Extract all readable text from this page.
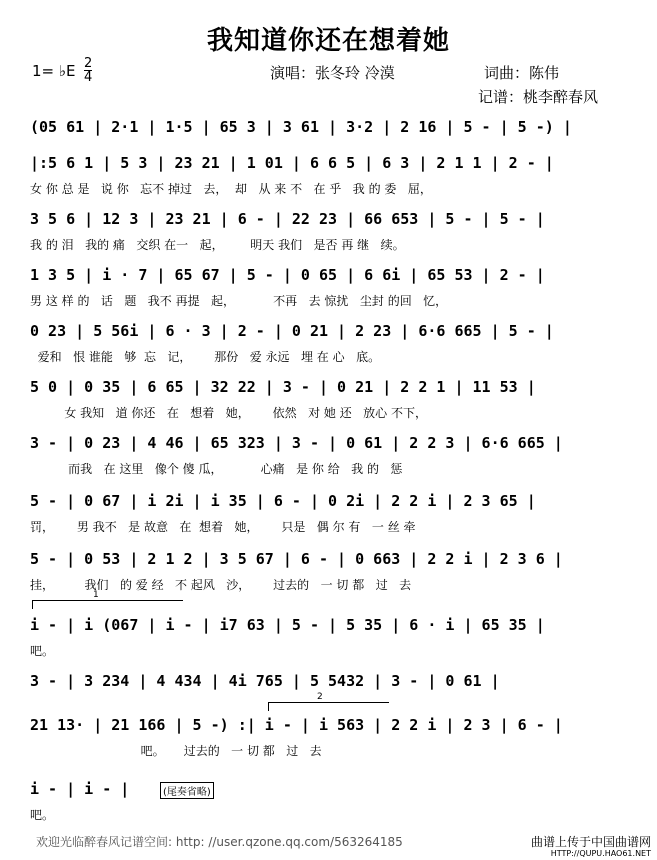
我知道你还在想着她
1= ♭E 2
4	演唱：张冬玲 冷漠	词曲：陈伟
记谱：桃李醉春风
(05 61 | 2·1 | 1·5 | 65 3 | 3 61 | 3·2 | 2 16 | 5 - | 5 -) |
|:5 6 1 | 5 3 | 23 21 | 1 01 | 6 6 5 | 6 3 | 2 1 1 | 2 - |
女 你 总 是   说 你   忘不 掉过   去，  却   从 来 不   在 乎   我 的 委   屈，
3 5 6 | 12 3 | 23 21 | 6 - | 22 23 | 66 653 | 5 - | 5 - |
我 的 泪   我的 痛   交织 在一   起，       明天 我们   是否 再 继   续。
1 3 5 | i · 7 | 65 67 | 5 - | 0 65 | 6 6i | 65 53 | 2 - |
男 这 样 的   话   题   我不 再提   起，          不再   去 惊扰   尘封 的回   忆，
0 23 | 5 56i | 6 · 3 | 2 - | 0 21 | 2 23 | 6·6 665 | 5 - |
爱和   恨 谁能   够  忘   记，      那份   爱 永远   埋 在 心   底。
5 0 | 0 35 | 6 65 | 32 22 | 3 - | 0 21 | 2 2 1 | 11 53 |
女 我知   道 你还   在   想着   她，      依然   对 她 还   放心 不下，
3 - | 0 23 | 4 46 | 65 323 | 3 - | 0 61 | 2 2 3 | 6·6 665 |
而我   在 这里   像个 傻 瓜，          心痛   是 你 给   我 的   惩
5 - | 0 67 | i 2i | i 35 | 6 - | 0 2i | 2 2 i | 2 3 65 |
罚，      男 我不   是 故意   在  想着   她，      只是   偶 尔 有   一 丝 牵
5 - | 0 53 | 2 1 2 | 3 5 67 | 6 - | 0 663 | 2 2 i | 2 3 6 |
挂，        我们   的 爱 经   不 起风   沙，      过去的   一 切 都   过   去
1
i - | i (067 | i - | i7 63 | 5 - | 5 35 | 6 · i | 65 35 |
吧。
3 - | 3 234 | 4 434 | 4i 765 | 5 5432 | 3 - | 0 61 |
2
21 13· | 21 166 | 5 -) :| i - | i 563 | 2 2 i | 2 3 | 6 - |
吧。     过去的   一 切 都   过   去
i - | i - |
吧。
(尾奏省略)
欢迎光临醉春风记谱空间: http: //user.qzone.qq.com/563264185	曲谱上传于中国曲谱网
HTTP://QUPU.HAO61.NET
